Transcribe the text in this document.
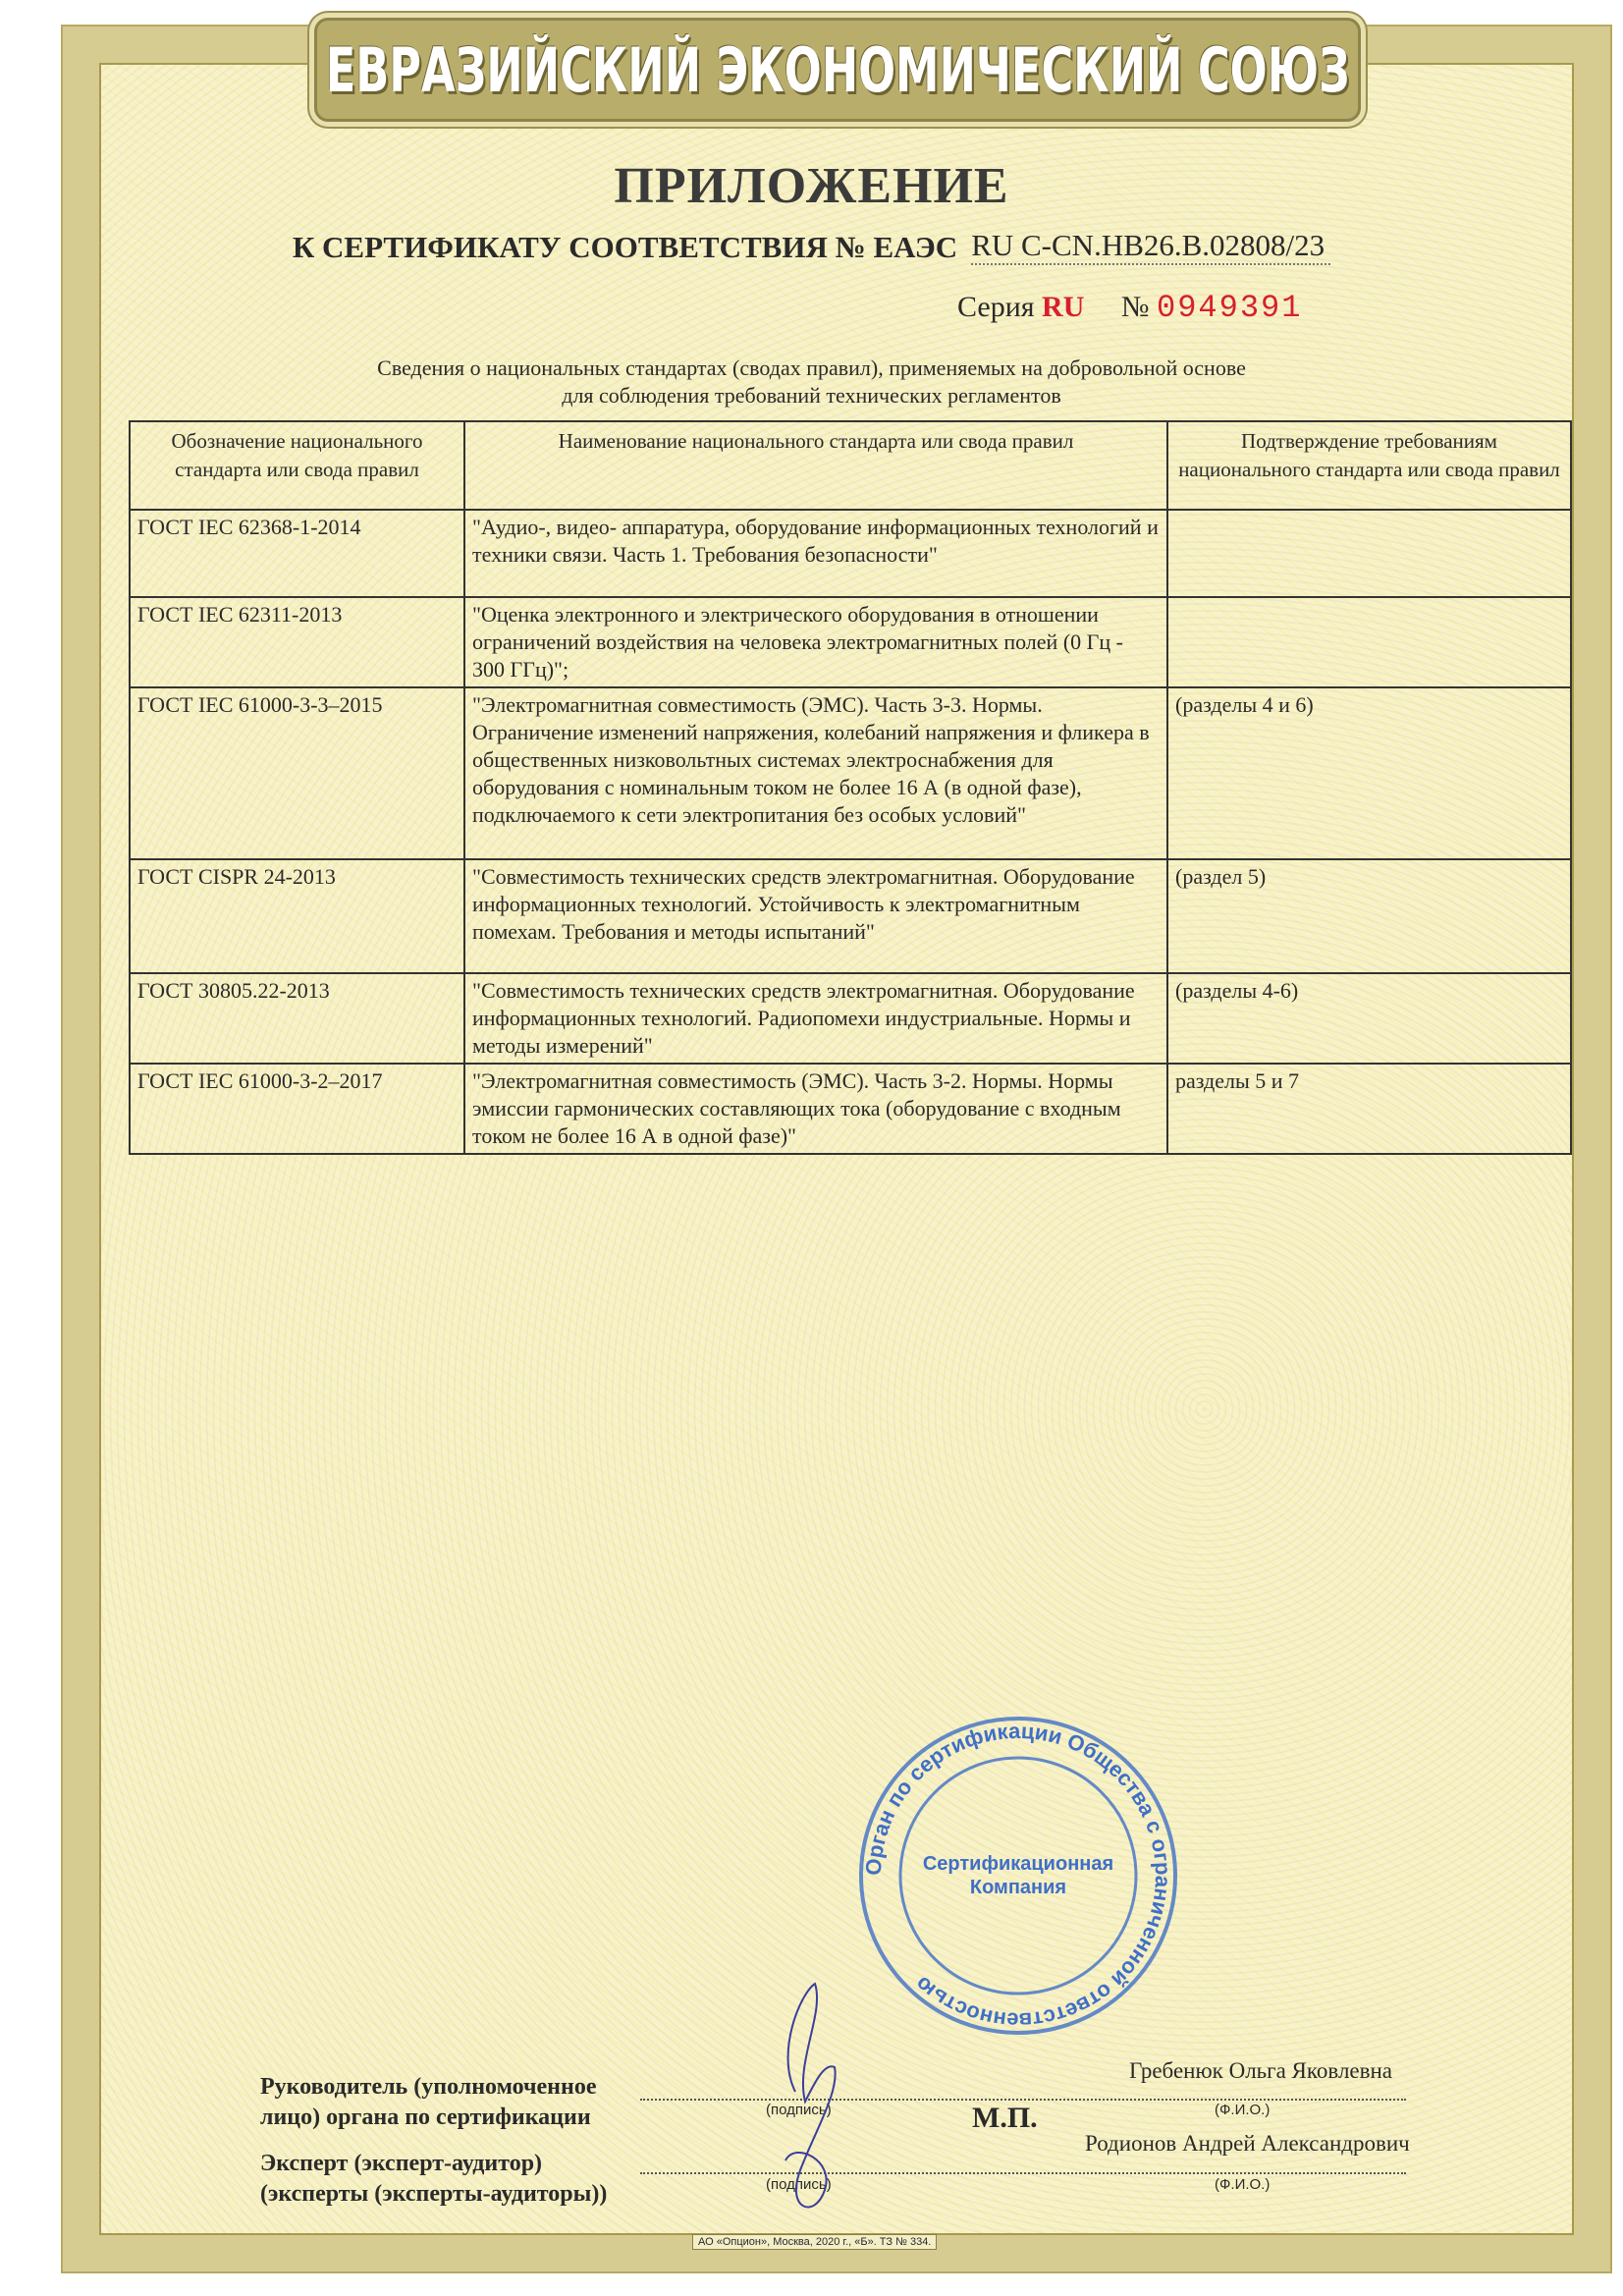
ЕВРАЗИЙСКИЙ ЭКОНОМИЧЕСКИЙ СОЮЗ
ПРИЛОЖЕНИЕ
К СЕРТИФИКАТУ СООТВЕТСТВИЯ № ЕАЭС RU C-CN.HB26.B.02808/23
Серия RU № 0949391
Сведения о национальных стандартах (сводах правил), применяемых на добровольной основе
для соблюдения требований технических регламентов
Обозначение национального стандарта или свода правил	Наименование национального стандарта или свода правил	Подтверждение требованиям национального стандарта или свода правил
ГОСТ IEC 62368-1-2014	"Аудио-, видео- аппаратура, оборудование информационных технологий и техники связи. Часть 1. Требования безопасности"	
ГОСТ IEC 62311-2013	"Оценка электронного и электрического оборудования в отношении ограничений воздействия на человека электромагнитных полей (0 Гц - 300 ГГц)";	
ГОСТ IEC 61000-3-3–2015	"Электромагнитная совместимость (ЭМС). Часть 3-3. Нормы. Ограничение изменений напряжения, колебаний напряжения и фликера в общественных низковольтных системах электроснабжения для оборудования с номинальным током не более 16 А (в одной фазе), подключаемого к сети электропитания без особых условий"	(разделы 4 и 6)
ГОСТ CISPR 24-2013	"Совместимость технических средств электромагнитная. Оборудование информационных технологий. Устойчивость к электромагнитным помехам. Требования и методы испытаний"	(раздел 5)
ГОСТ 30805.22-2013	"Совместимость технических средств электромагнитная. Оборудование информационных технологий. Радиопомехи индустриальные. Нормы и методы измерений"	(разделы 4-6)
ГОСТ IEC 61000-3-2–2017	"Электромагнитная совместимость (ЭМС). Часть 3-2. Нормы. Нормы эмиссии гармонических составляющих тока (оборудование с входным током не более 16 А в одной фазе)"	разделы 5 и 7
Руководитель (уполномоченное
лицо) органа по сертификации
Эксперт (эксперт-аудитор)
(эксперты (эксперты-аудиторы))
(подпись)
(подпись)
(Ф.И.О.)
(Ф.И.О.)
Гребенюк Ольга Яковлевна
Родионов Андрей Александрович
Орган по сертификации Общества с ограниченной ответственностью
Сертификационная Компания
М.П.
АО «Опцион», Москва, 2020 г., «Б». ТЗ № 334.
